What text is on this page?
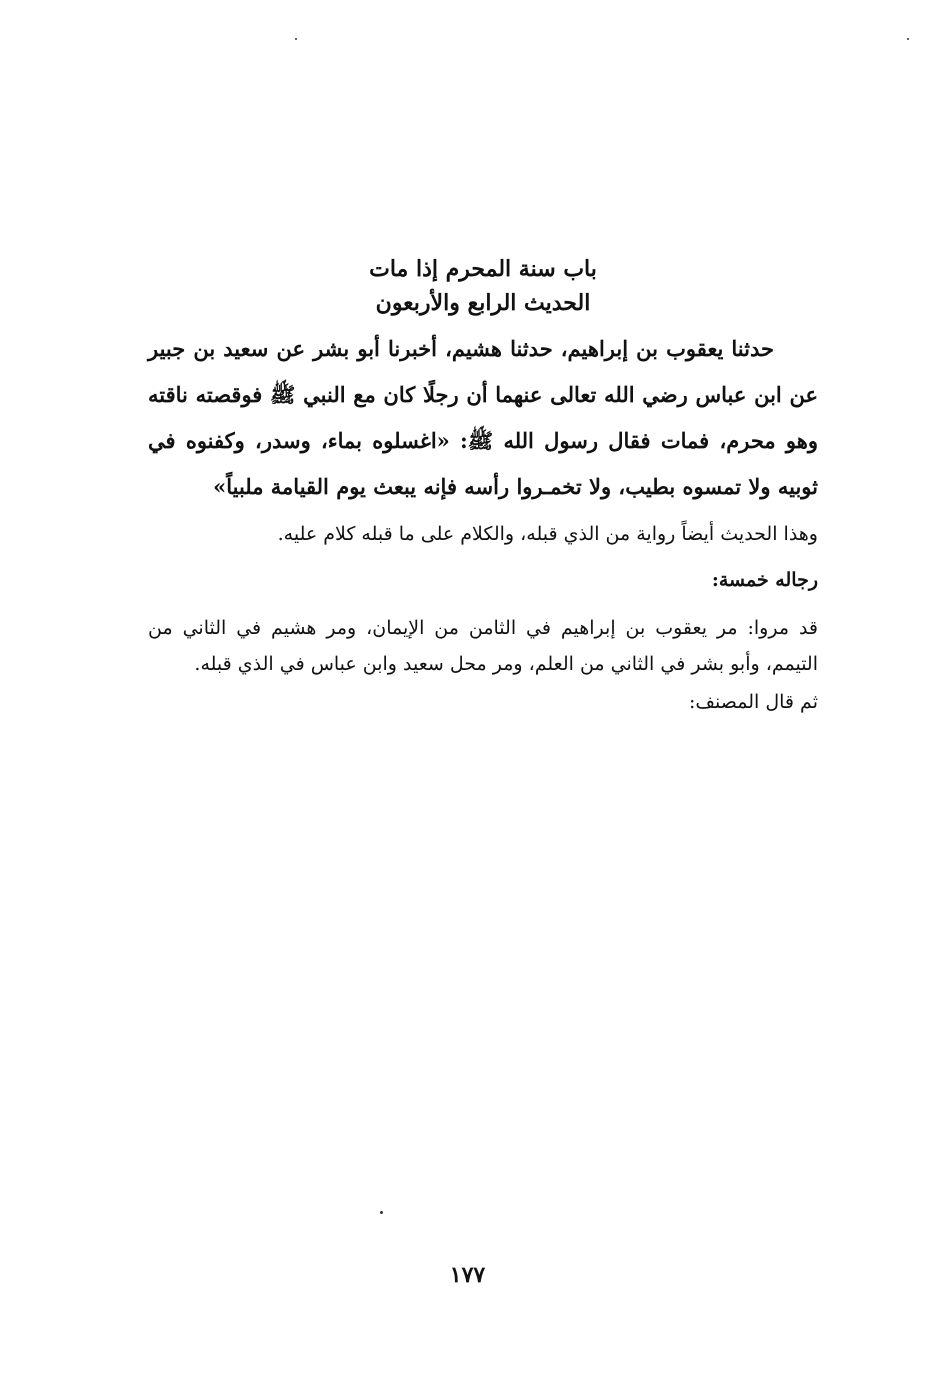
باب سنة المحرم إذا مات
الحديث الرابع والأربعون

حدثنا يعقوب بن إبراهيم، حدثنا هشيم، أخبرنا أبو بشر عن سعيد بن جبير عن ابن عباس رضي الله تعالى عنهما أن رجلًا كان مع النبي ﷺ فوقصته ناقته وهو محرم، فمات فقال رسول الله ﷺ: «اغسلوه بماء، وسدر، وكفنوه في ثوبيه ولا تمسوه بطيب، ولا تخمـروا رأسه فإنه يبعث يوم القيامة ملبياً»

وهذا الحديث أيضاً رواية من الذي قبله، والكلام على ما قبله كلام عليه.

رجاله خمسة:

قد مروا: مر يعقوب بن إبراهيم في الثامن من الإيمان، ومر هشيم في الثاني من التيمم، وأبو بشر في الثاني من العلم، ومر محل سعيد وابن عباس في الذي قبله.

ثم قال المصنف:

١٧٧
